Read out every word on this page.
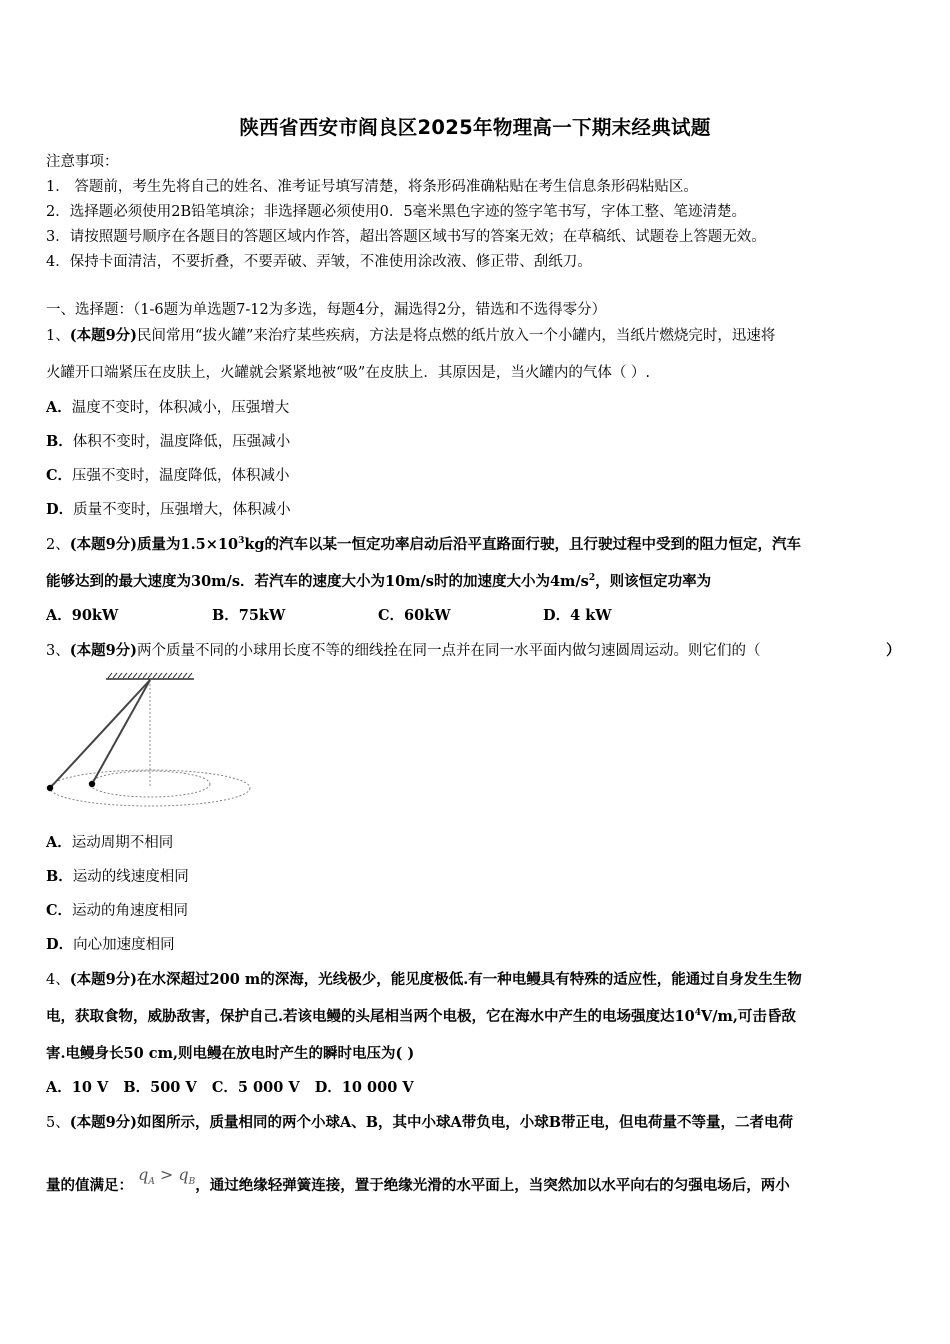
陕西省西安市阎良区2025年物理高一下期末经典试题
注意事项：
1． 答题前，考生先将自己的姓名、准考证号填写清楚，将条形码准确粘贴在考生信息条形码粘贴区。
2．选择题必须使用2B铅笔填涂；非选择题必须使用0．5毫米黑色字迹的签字笔书写，字体工整、笔迹清楚。
3．请按照题号顺序在各题目的答题区域内作答，超出答题区域书写的答案无效；在草稿纸、试题卷上答题无效。
4．保持卡面清洁，不要折叠，不要弄破、弄皱，不准使用涂改液、修正带、刮纸刀。
一、选择题：（1-6题为单选题7-12为多选，每题4分，漏选得2分，错选和不选得零分）
1、(本题9分)民间常用“拔火罐”来治疗某些疾病，方法是将点燃的纸片放入一个小罐内，当纸片燃烧完时，迅速将
火罐开口端紧压在皮肤上，火罐就会紧紧地被“吸”在皮肤上．其原因是，当火罐内的气体（ ）.
A．温度不变时，体积减小，压强增大
B．体积不变时，温度降低，压强减小
C．压强不变时，温度降低，体积减小
D．质量不变时，压强增大，体积减小
2、(本题9分)质量为$1.5\times 10^3kg$的汽车以某一恒定功率启动后沿平直路面行驶，且行驶过程中受到的阻力恒定，汽车
能够达到的最大速度为30m/s．若汽车的速度大小为10m/s时的加速度大小为$4m/s^2$，则该恒定功率为
A．90kW	B．75kW	C．60kW	D．4 kW
3、(本题9分)两个质量不同的小球用长度不等的细线拴在同一点并在同一水平面内做匀速圆周运动。则它们的（	）
A．运动周期不相同
B．运动的线速度相同
C．运动的角速度相同
D．向心加速度相同
4、(本题9分)在水深超过200 m的深海，光线极少，能见度极低.有一种电鳗具有特殊的适应性，能通过自身发生生物
电，获取食物，威胁敌害，保护自己.若该电鳗的头尾相当两个电极，它在海水中产生的电场强度达$10^4V/m$,可击昏敌
害.电鳗身长50 cm,则电鳗在放电时产生的瞬时电压为( )
A．10 V   B．500 V   C．5 000 V   D．10 000 V
5、(本题9分)如图所示，质量相同的两个小球A、B，其中小球A带负电，小球B带正电，但电荷量不等量，二者电荷
量的值满足： $q_A > q_B$，通过绝缘轻弹簧连接，置于绝缘光滑的水平面上，当突然加以水平向右的匀强电场后，两小
